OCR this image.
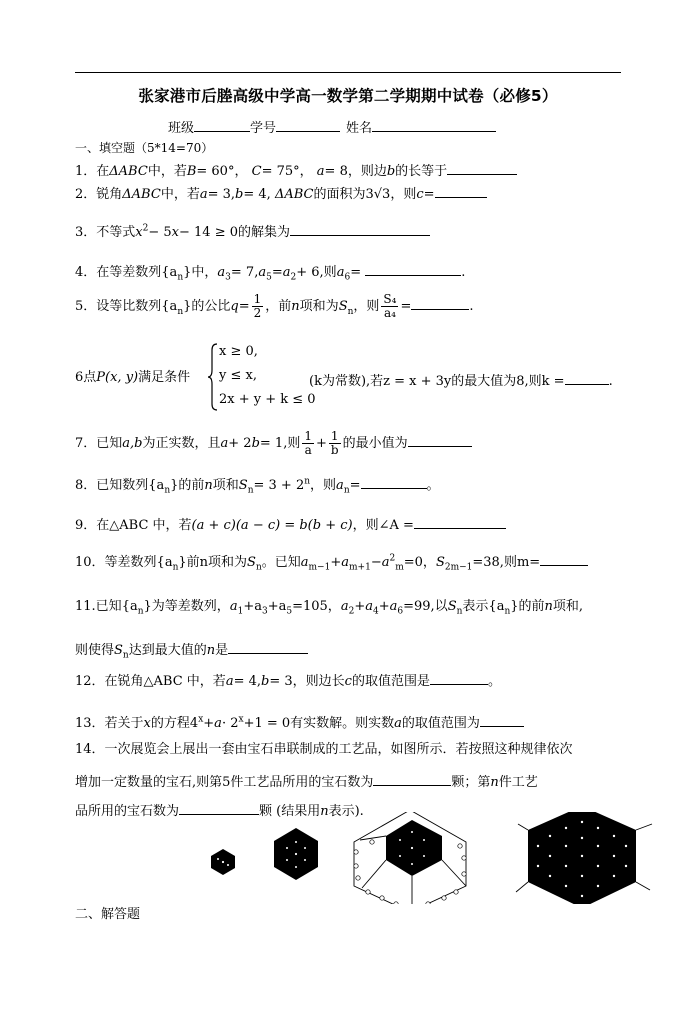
张家港市后塍高级中学高一数学第二学期期中试卷（必修5）
班级	学号	姓名
一、填空题（5*14=70）
1．在ΔABC中，若B= 60°， C= 75°， a= 8，则边b的长等于
2．锐角ΔABC中，若a= 3,b= 4, ΔABC的面积为3√3，则c=
3．不等式$x^2- 5x- 14 \ge 0$的解集为
4．在等差数列$\{a_n\}$中，$a_3= 7,a_5=a_2+ 6$,则$a_6=$	.
5．设等比数列$\{a_n\}$的公比$q= \frac{1}{2}$ ，前n项和为$S_n$，则 $\frac{\text{S₄}}{\text{a₄}}$ =	.
6点P(x, y)满足条件
x ≥ 0,
y ≤ x,
2x + y + k ≤ 0
(k为常数),若z = x + 3y的最大值为8,则k =	.
7．已知a,b为正实数，且a+ 2b= 1,则 $\frac{1}{a} + \frac{1}{b}$ 的最小值为
8．已知数列$\{a_n\}$的前n项和$S_n= 3 + 2^n$，则$a_n=$	。
9．在△ABC 中，若(a + c)(a − c) = b(b + c)，则∠A =
10．等差数列$\{a_n\}$前n项和为$S_n$。已知$a_{m-1}+a_{m+1}-a^2_m=0$，$S_{2m-1}=38$,则m=
11.已知$\{a_n\}$为等差数列，$a_1+a_3+a_5=105$，$a_2+a_4+a_6=99$,以$S_n$表示$\{a_n\}$的前n项和,
则使得$S_n$达到最大值的n是
12．在锐角△ABC 中，若a= 4,b= 3，则边长c的取值范围是	。
13．若关于x的方程$4^x+a\cdot 2^x+1 = 0$有实数解。则实数a的取值范围为
14．一次展览会上展出一套由宝石串联制成的工艺品，如图所示．若按照这种规律依次
增加一定数量的宝石,则第5件工艺品所用的宝石数为	颗；第n件工艺
品所用的宝石数为	颗 (结果用n表示).
二、解答题
